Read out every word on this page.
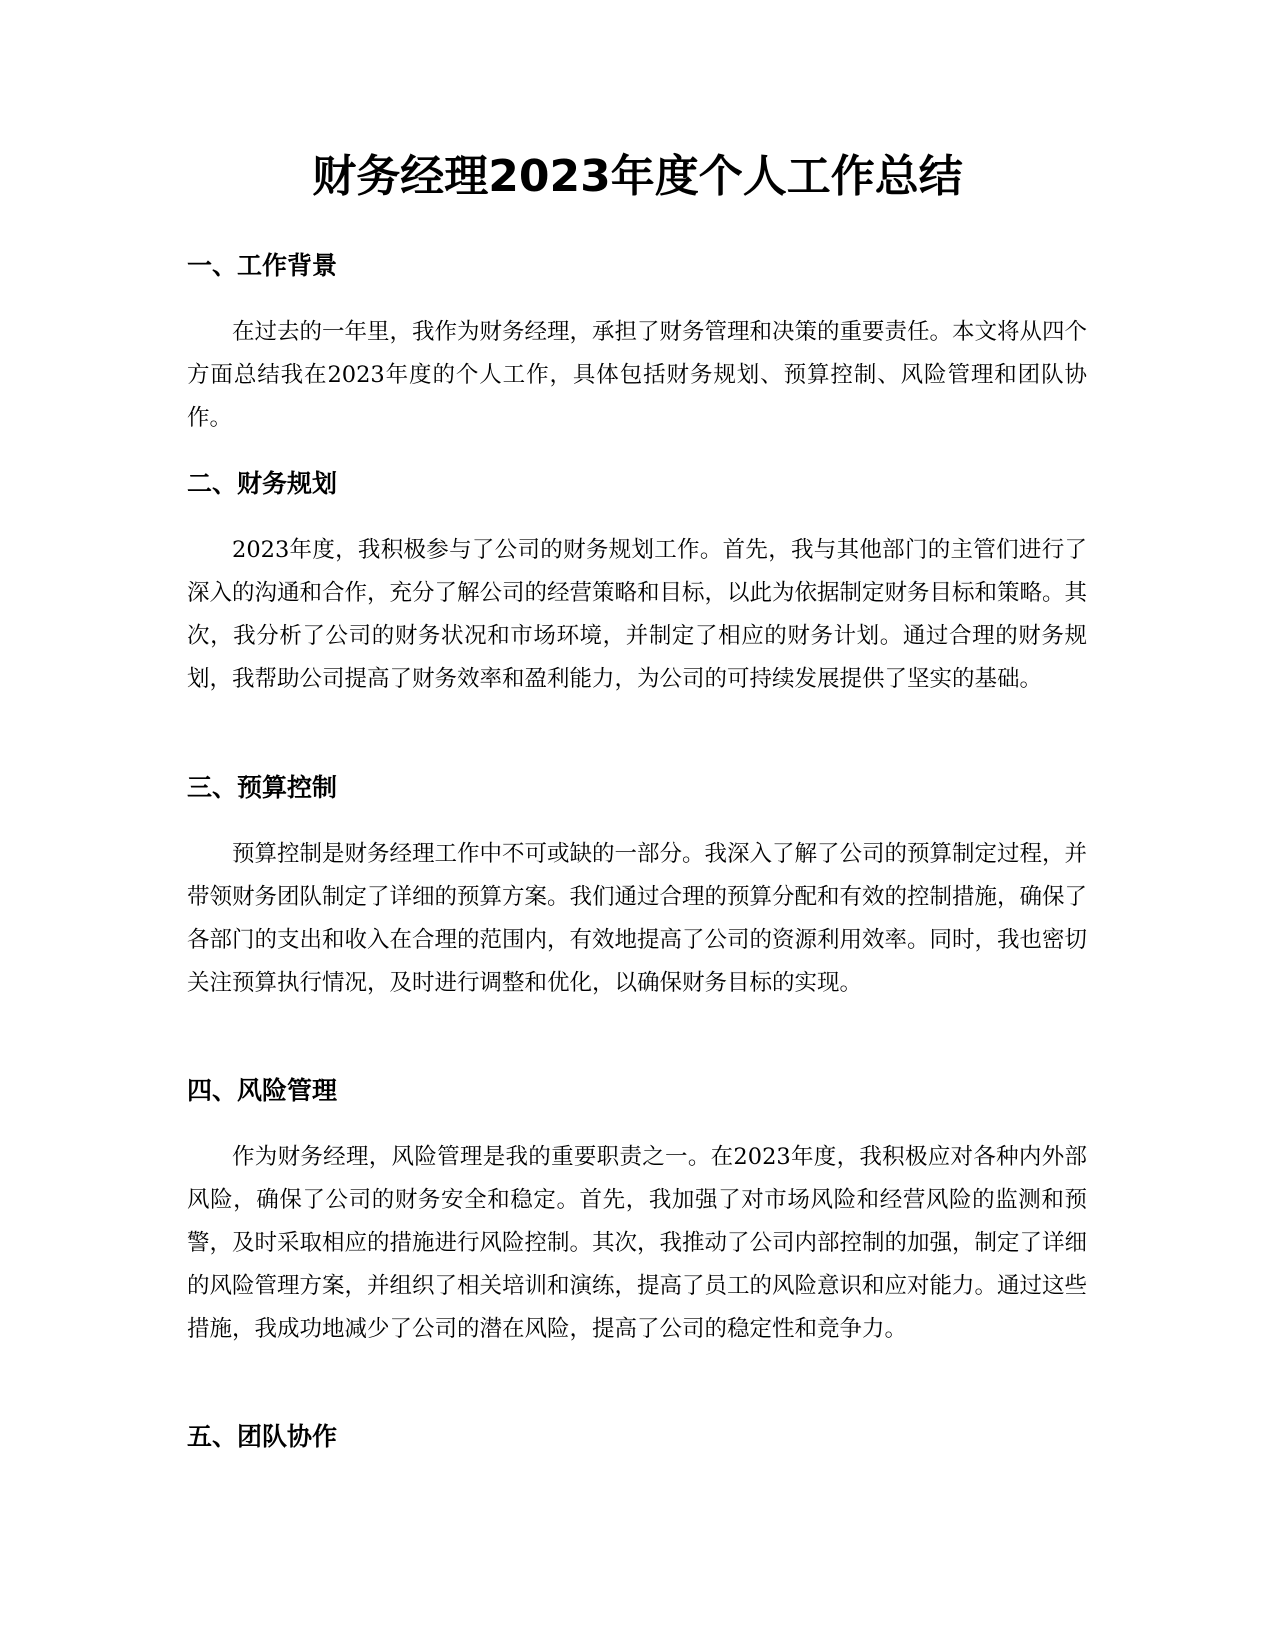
财务经理2023年度个人工作总结
一、工作背景

在过去的一年里，我作为财务经理，承担了财务管理和决策的重要责任。本文将从四个方面总结我在2023年度的个人工作，具体包括财务规划、预算控制、风险管理和团队协作。

二、财务规划

2023年度，我积极参与了公司的财务规划工作。首先，我与其他部门的主管们进行了深入的沟通和合作，充分了解公司的经营策略和目标，以此为依据制定财务目标和策略。其次，我分析了公司的财务状况和市场环境，并制定了相应的财务计划。通过合理的财务规划，我帮助公司提高了财务效率和盈利能力，为公司的可持续发展提供了坚实的基础。

三、预算控制

预算控制是财务经理工作中不可或缺的一部分。我深入了解了公司的预算制定过程，并带领财务团队制定了详细的预算方案。我们通过合理的预算分配和有效的控制措施，确保了各部门的支出和收入在合理的范围内，有效地提高了公司的资源利用效率。同时，我也密切关注预算执行情况，及时进行调整和优化，以确保财务目标的实现。

四、风险管理

作为财务经理，风险管理是我的重要职责之一。在2023年度，我积极应对各种内外部风险，确保了公司的财务安全和稳定。首先，我加强了对市场风险和经营风险的监测和预警，及时采取相应的措施进行风险控制。其次，我推动了公司内部控制的加强，制定了详细的风险管理方案，并组织了相关培训和演练，提高了员工的风险意识和应对能力。通过这些措施，我成功地减少了公司的潜在风险，提高了公司的稳定性和竞争力。

五、团队协作
